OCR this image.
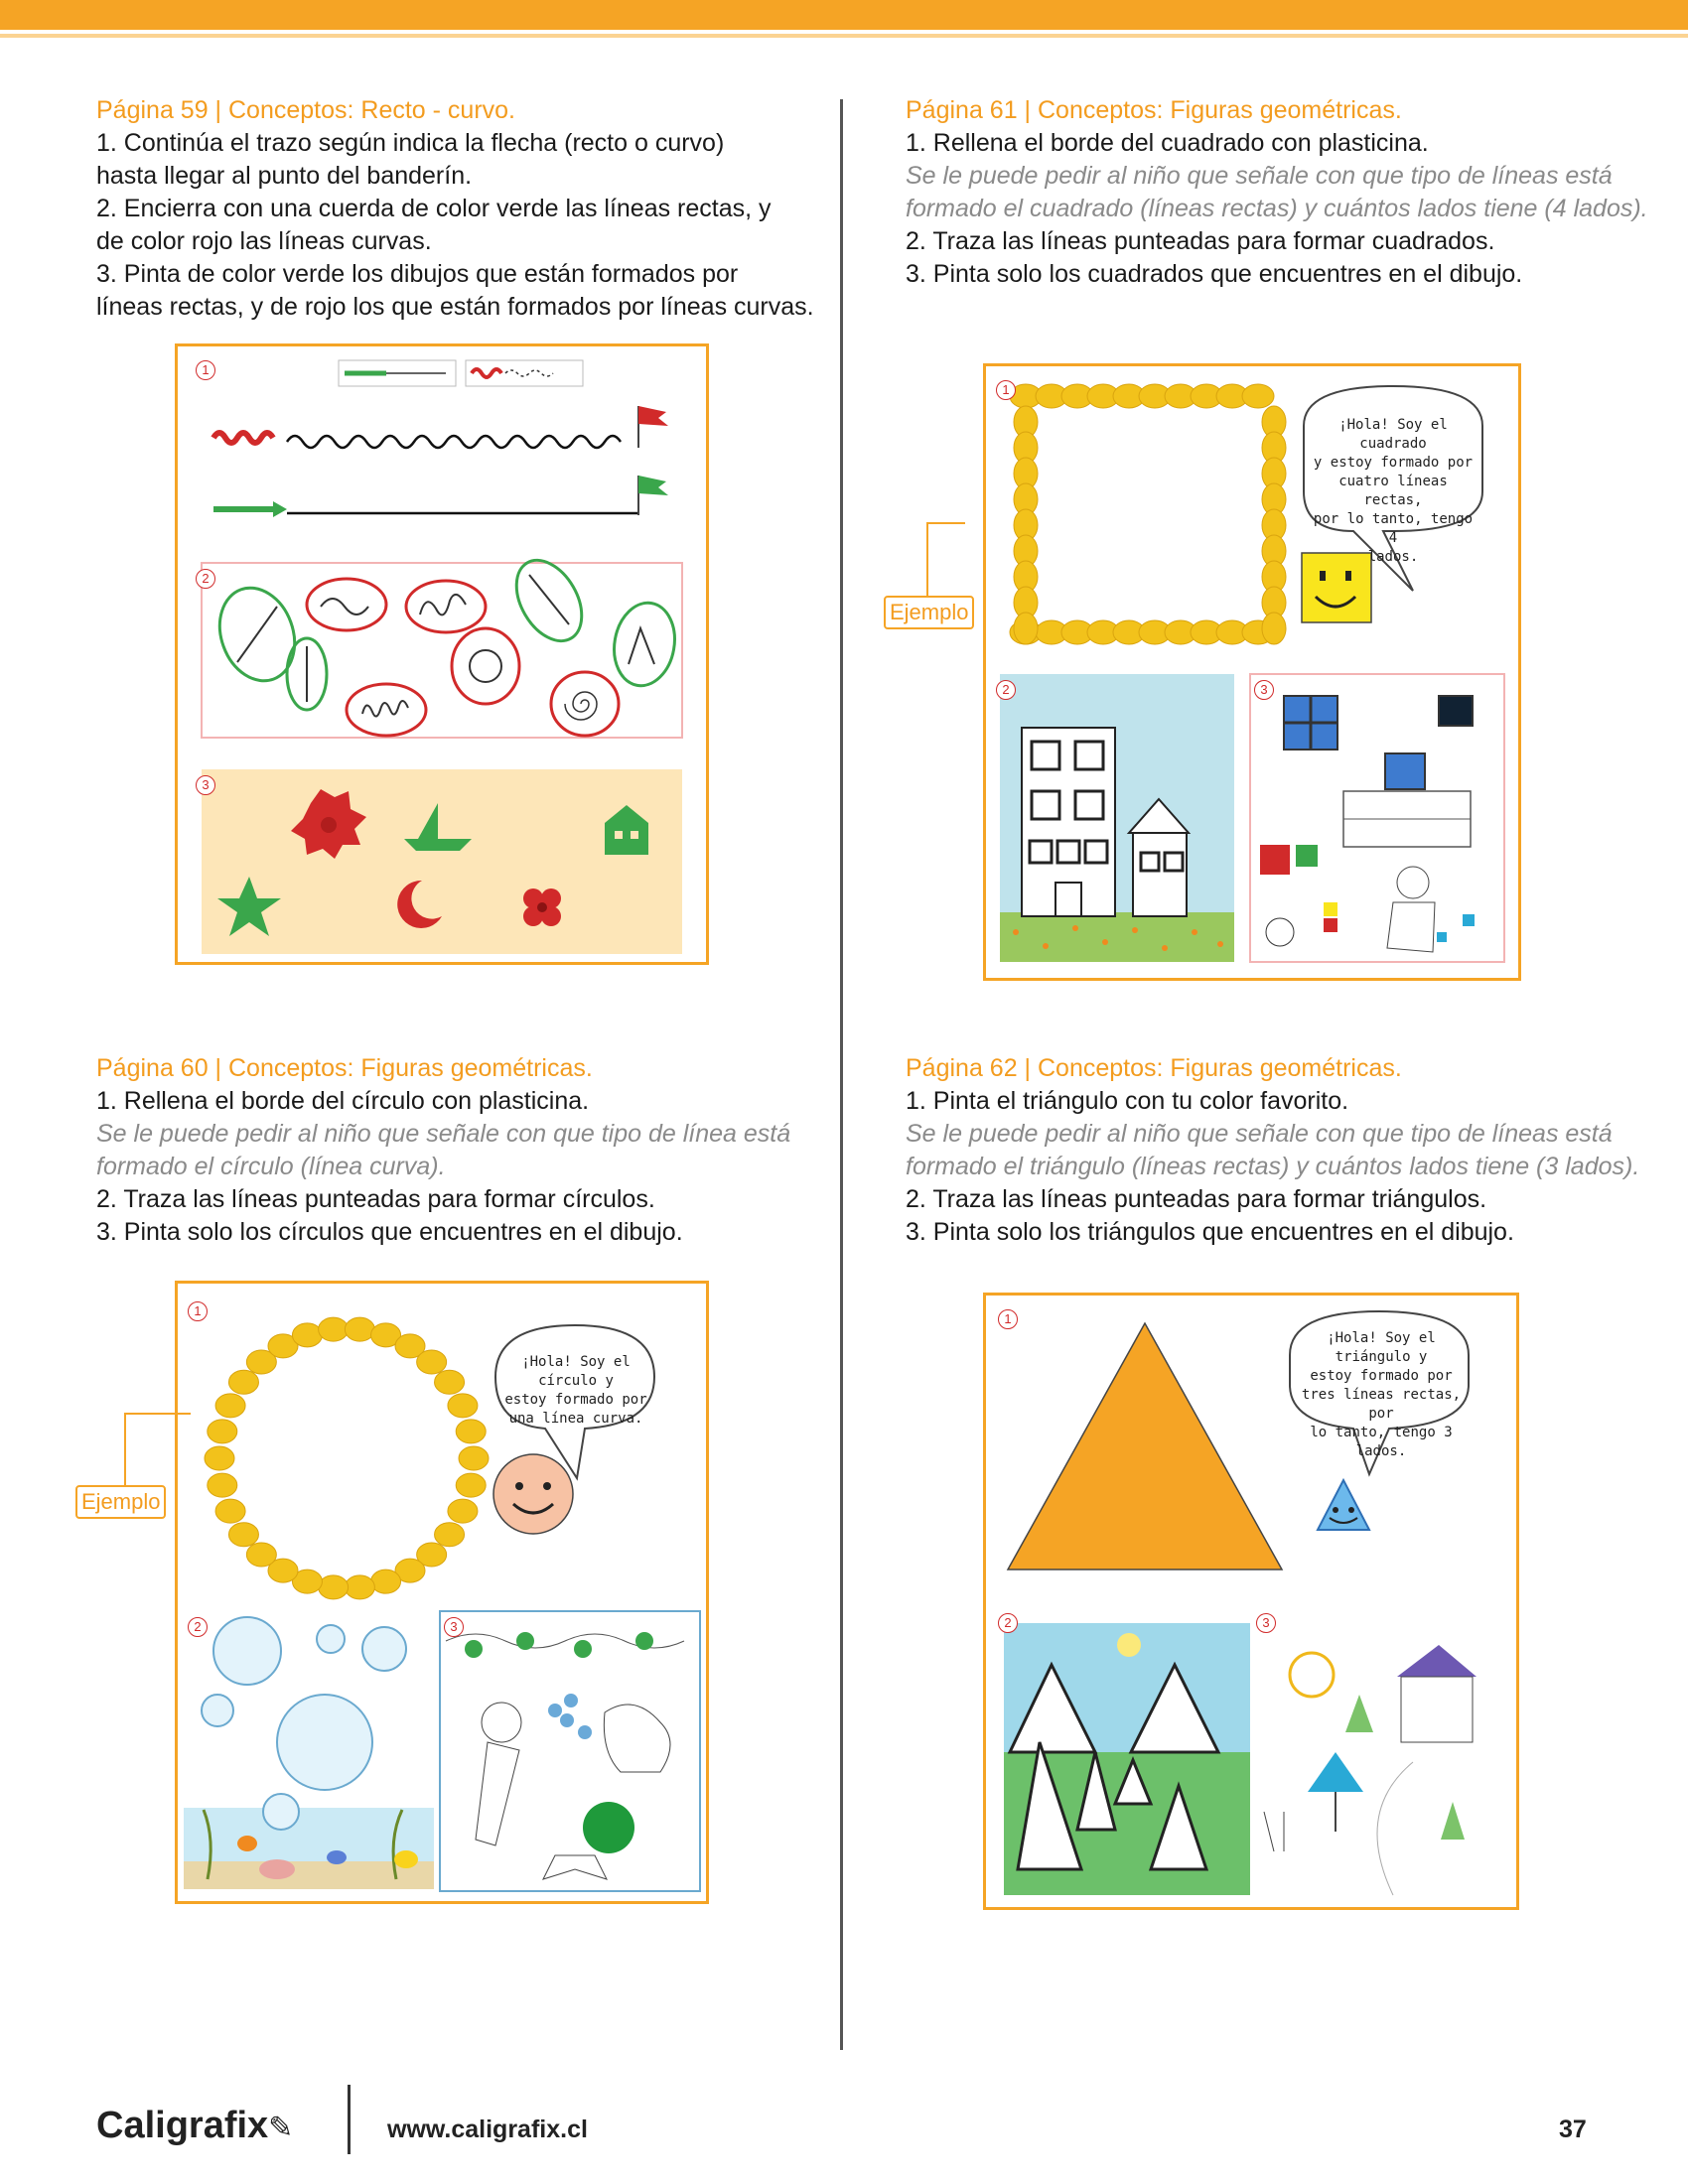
Página 59 | Conceptos: Recto - curvo.

1. Continúa el trazo según indica la flecha (recto o curvo)

hasta llegar al punto del banderín.

2. Encierra con una cuerda de color verde las líneas rectas, y

de color rojo las líneas curvas.

3. Pinta de color verde los dibujos que están formados por

líneas rectas, y de rojo los que están formados por líneas curvas.

Página 61 | Conceptos: Figuras geométricas.

1. Rellena el borde del cuadrado con plasticina.

Se le puede pedir al niño que señale con que tipo de líneas está

formado el cuadrado (líneas rectas) y cuántos lados tiene (4 lados).

2. Traza las líneas punteadas para formar cuadrados.

3. Pinta solo los cuadrados que encuentres en el dibujo.

Página 60 | Conceptos: Figuras geométricas.

1. Rellena el borde del círculo con plasticina.

Se le puede pedir al niño que señale con que tipo de línea está

formado el círculo (línea curva).

2. Traza las líneas punteadas para formar círculos.

3. Pinta solo los círculos que encuentres en el dibujo.

Página 62 | Conceptos: Figuras geométricas.

1. Pinta el triángulo con tu color favorito.

Se le puede pedir al niño que señale con que tipo de líneas está

formado el triángulo (líneas rectas) y cuántos lados tiene (3 lados).

2. Traza las líneas punteadas para formar triángulos.

3. Pinta solo los triángulos que encuentres en el dibujo.

1
2
3
¡Hola! Soy el cuadrado
y estoy formado por
cuatro líneas rectas,
por lo tanto, tengo 4
lados.
1
2	3
Ejemplo
¡Hola! Soy el círculo y
estoy formado por
una línea curva.
1
2	3
Ejemplo
¡Hola! Soy el triángulo y
estoy formado por
tres líneas rectas, por
lo tanto, tengo 3 lados.
1
2	3
Caligrafix✎	www.caligrafix.cl	37
